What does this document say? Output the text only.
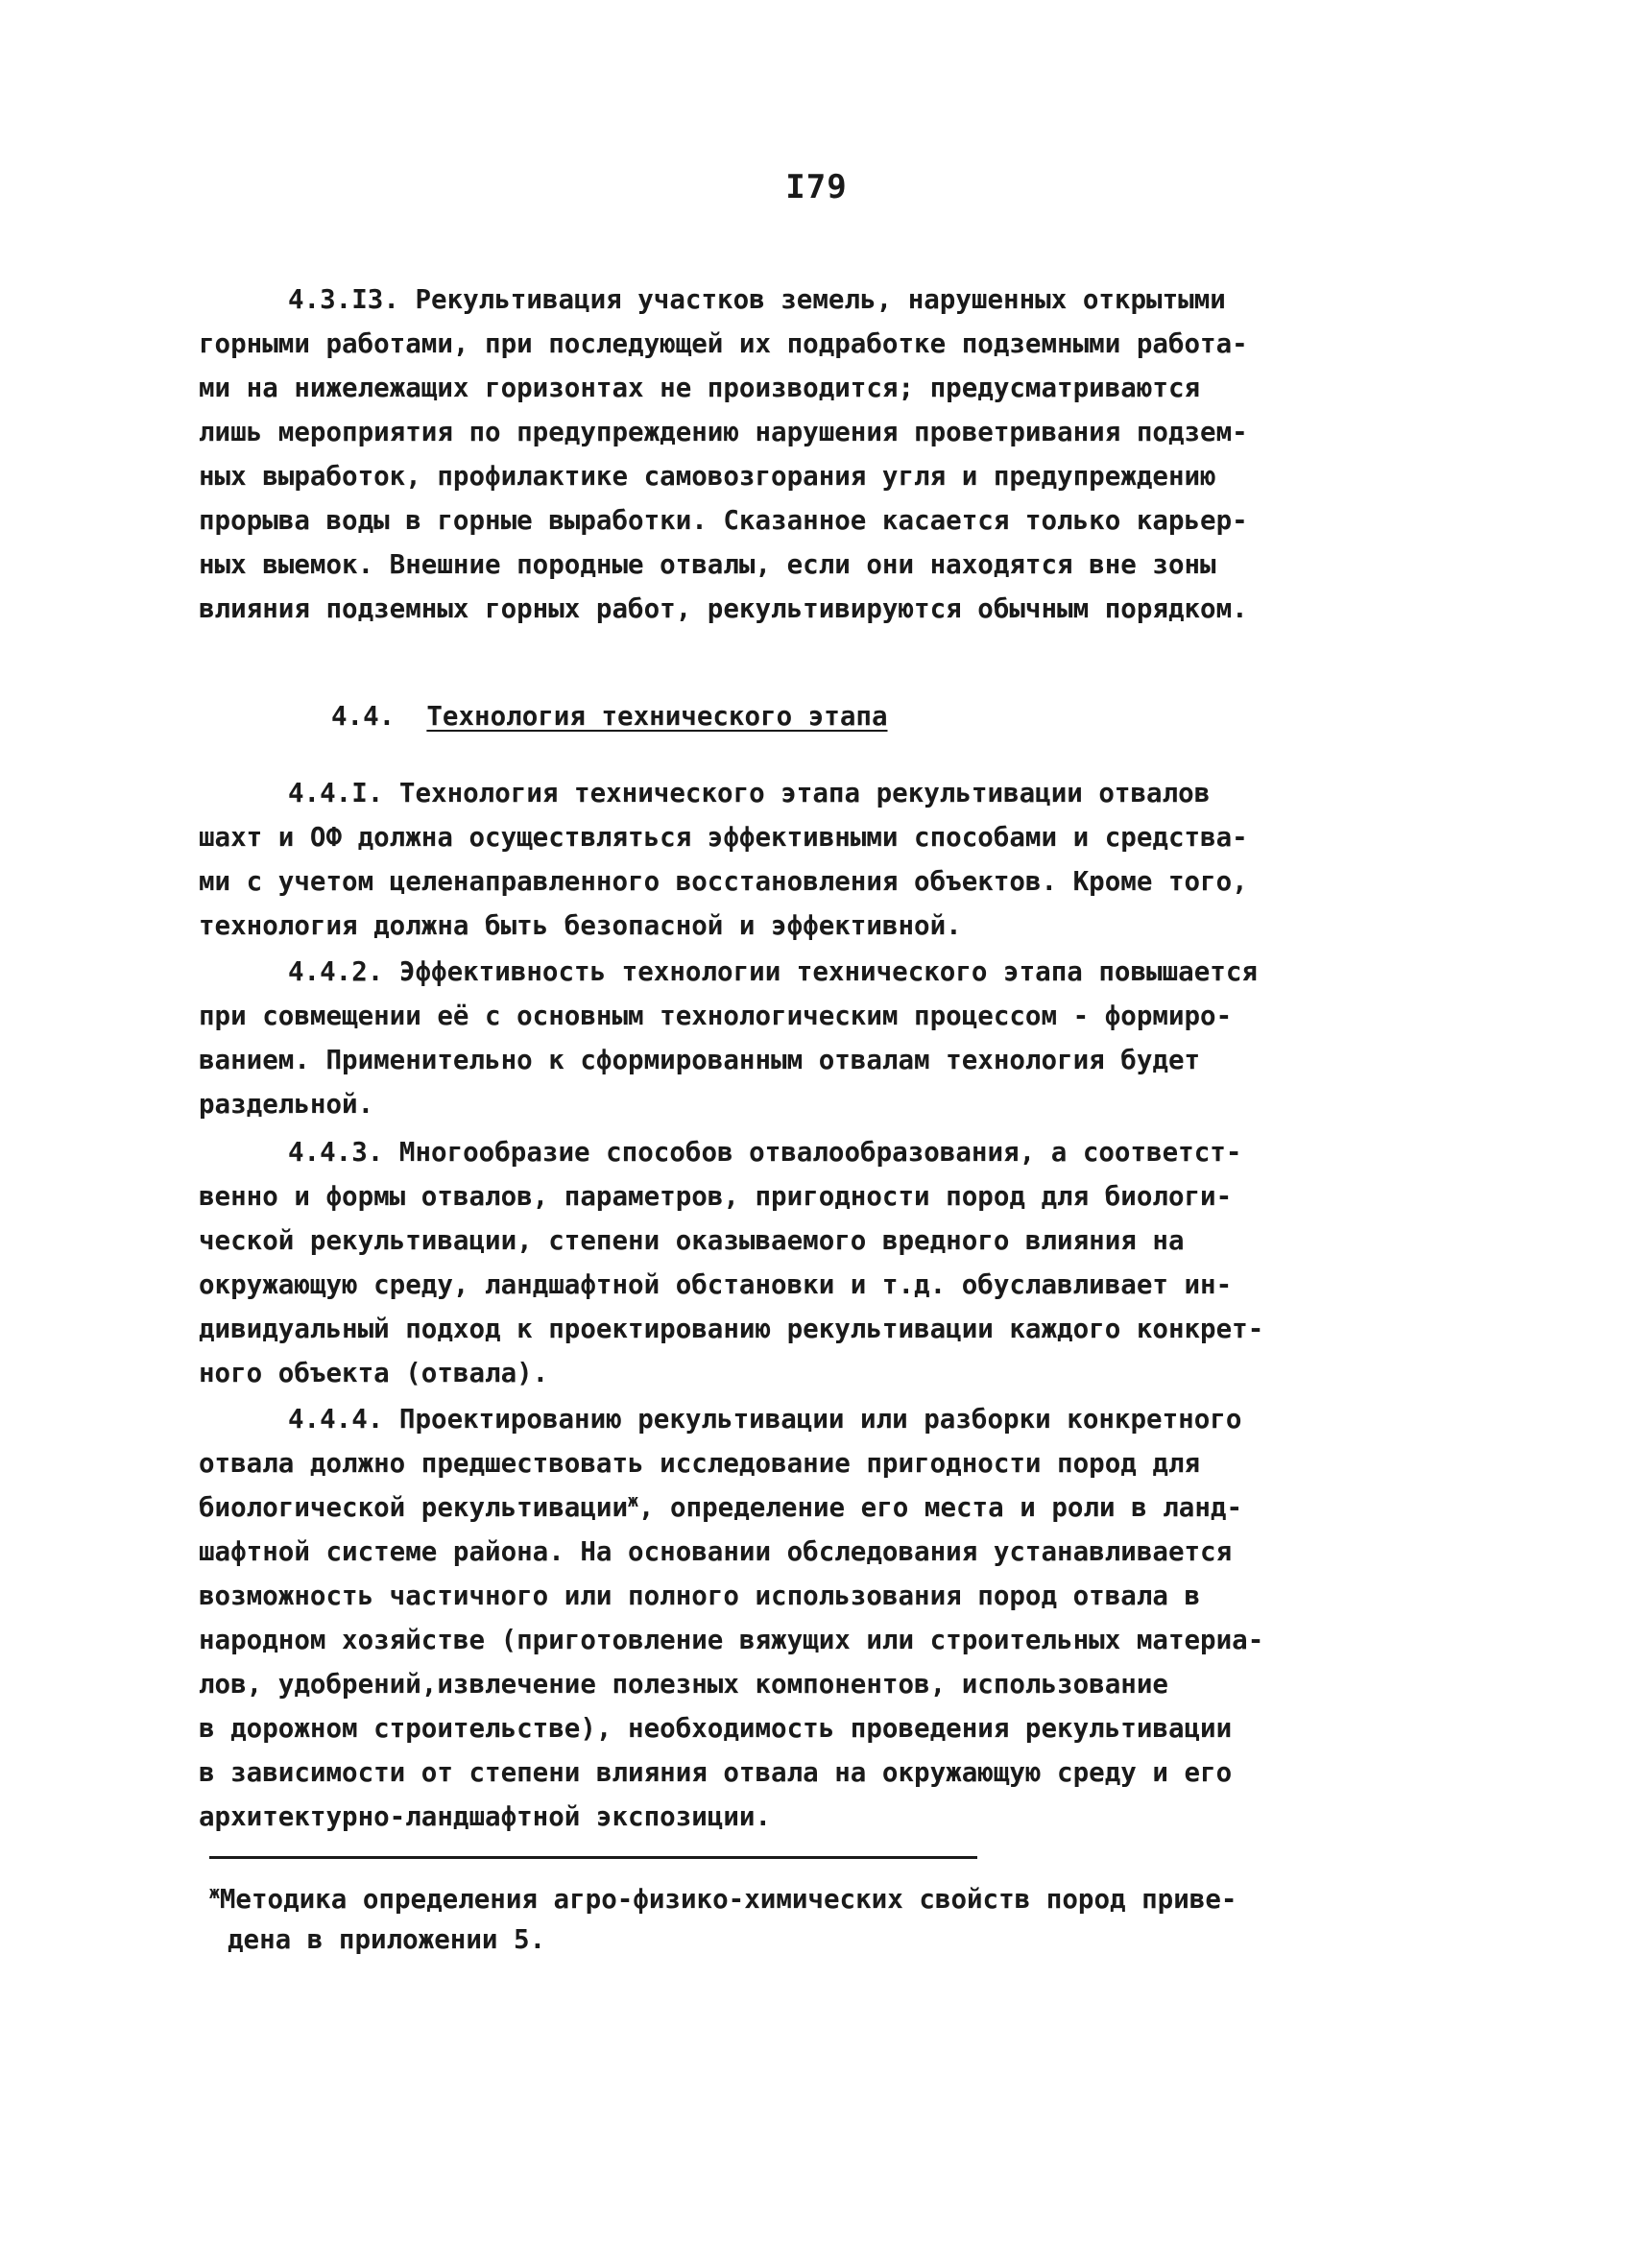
I79
4.3.I3. Рекультивация участков земель, нарушенных открытыми
горными работами, при последующей их подработке подземными работа-
ми на нижележащих горизонтах не производится; предусматриваются
лишь мероприятия по предупреждению нарушения проветривания подзем-
ных выработок, профилактике самовозгорания угля и предупреждению
прорыва воды в горные выработки. Сказанное касается только карьер-
ных выемок. Внешние породные отвалы, если они находятся вне зоны
влияния подземных горных работ, рекультивируются обычным порядком.
4.4. Технология технического этапа
4.4.I. Технология технического этапа рекультивации отвалов
шахт и ОФ должна осуществляться эффективными способами и средства-
ми с учетом целенаправленного восстановления объектов. Кроме того,
технология должна быть безопасной и эффективной.
4.4.2. Эффективность технологии технического этапа повышается
при совмещении её с основным технологическим процессом - формиро-
ванием. Применительно к сформированным отвалам технология будет
раздельной.
4.4.3. Многообразие способов отвалообразования, а соответст-
венно и формы отвалов, параметров, пригодности пород для биологи-
ческой рекультивации, степени оказываемого вредного влияния на
окружающую среду, ландшафтной обстановки и т.д. обуславливает ин-
дивидуальный подход к проектированию рекультивации каждого конкрет-
ного объекта (отвала).
4.4.4. Проектированию рекультивации или разборки конкретного
отвала должно предшествовать исследование пригодности пород для
биологической рекультивации$^ж$, определение его места и роли в ланд-
шафтной системе района. На основании обследования устанавливается
возможность частичного или полного использования пород отвала в
народном хозяйстве (приготовление вяжущих или строительных материа-
лов, удобрений,извлечение полезных компонентов, использование
в дорожном строительстве), необходимость проведения рекультивации
в зависимости от степени влияния отвала на окружающую среду и его
архитектурно-ландшафтной экспозиции.
$^ж$Методика определения агро-физико-химических свойств пород приве-
дена в приложении 5.
